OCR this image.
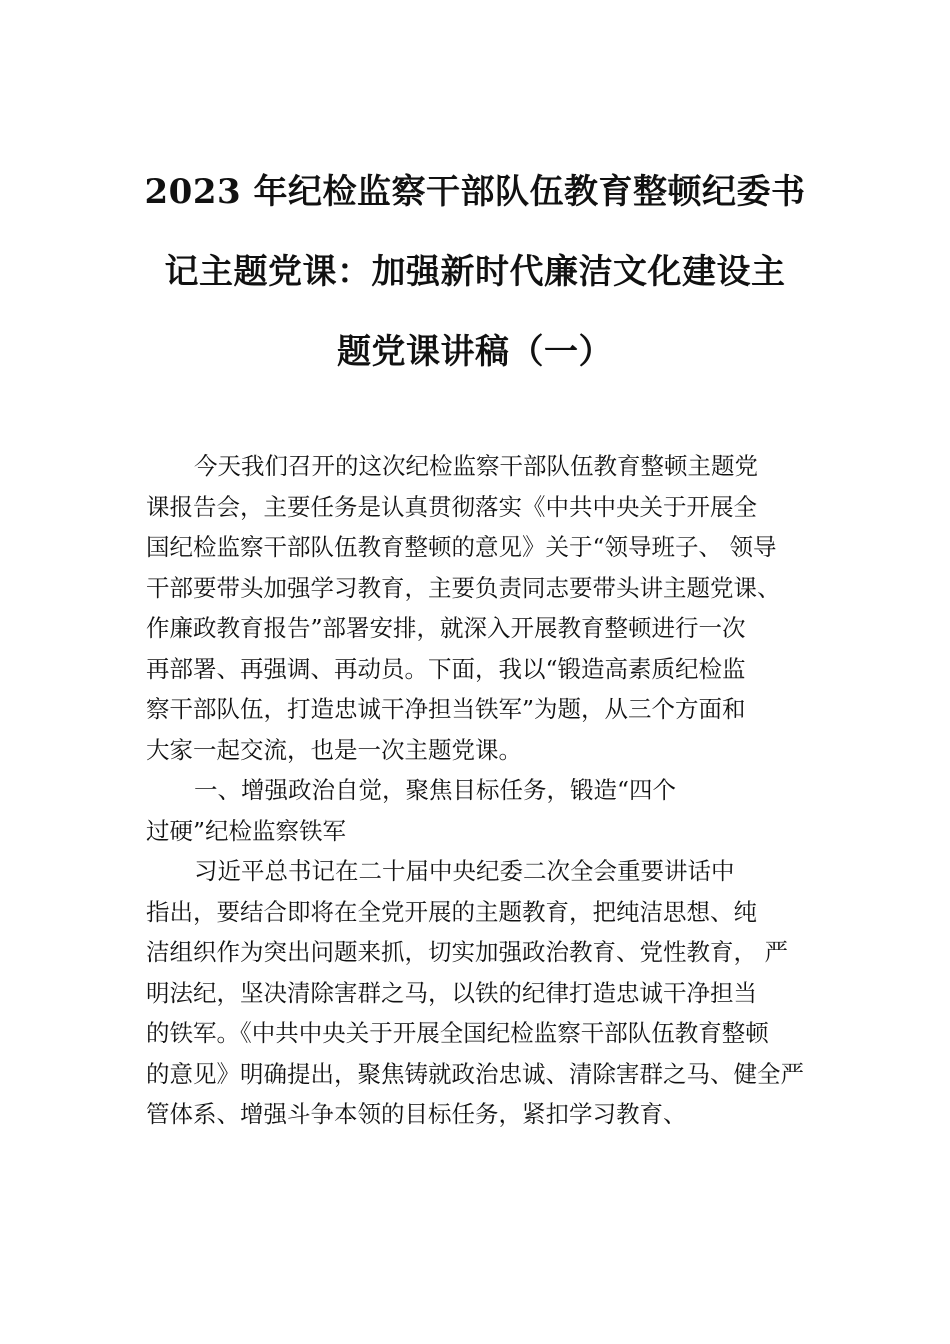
2023 年纪检监察干部队伍教育整顿纪委书
记主题党课：加强新时代廉洁文化建设主
题党课讲稿（一）
今天我们召开的这次纪检监察干部队伍教育整顿主题党
课报告会，主要任务是认真贯彻落实《中共中央关于开展全
国纪检监察干部队伍教育整顿的意见》关于“领导班子、 领导
干部要带头加强学习教育，主要负责同志要带头讲主题党课、
作廉政教育报告”部署安排，就深入开展教育整顿进行一次
再部署、再强调、再动员。下面，我以“锻造高素质纪检监
察干部队伍，打造忠诚干净担当铁军”为题，从三个方面和
大家一起交流，也是一次主题党课。
一、增强政治自觉，聚焦目标任务，锻造“四个
过硬”纪检监察铁军
习近平总书记在二十届中央纪委二次全会重要讲话中
指出，要结合即将在全党开展的主题教育，把纯洁思想、纯
洁组织作为突出问题来抓，切实加强政治教育、党性教育， 严
明法纪，坚决清除害群之马，以铁的纪律打造忠诚干净担当
的铁军。《中共中央关于开展全国纪检监察干部队伍教育整顿
的意见》明确提出，聚焦铸就政治忠诚、清除害群之马、健全严
管体系、增强斗争本领的目标任务，紧扣学习教育、
